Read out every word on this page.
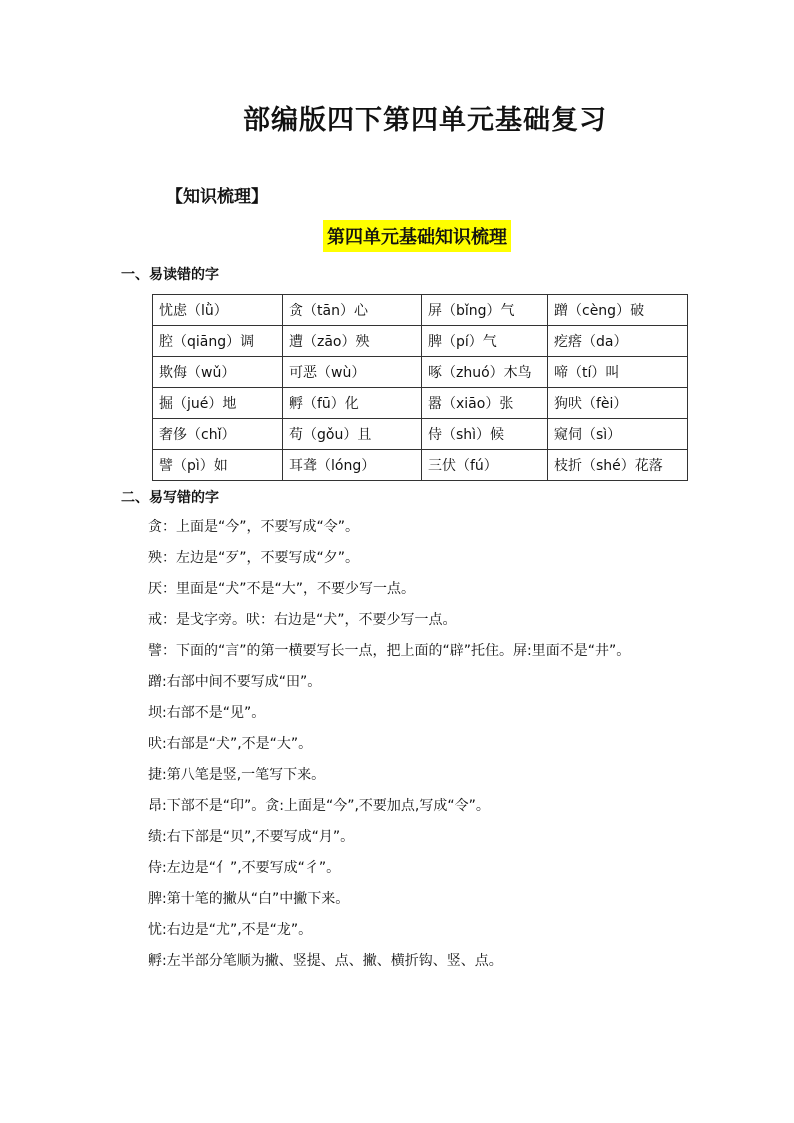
部编版四下第四单元基础复习
【知识梳理】
第四单元基础知识梳理
一、易读错的字
忧虑（lǜ）	贪（tān）心	屏（bǐng）气	蹭（cèng）破
腔（qiāng）调	遭（zāo）殃	脾（pí）气	疙瘩（da）
欺侮（wǔ）	可恶（wù）	啄（zhuó）木鸟	啼（tí）叫
掘（jué）地	孵（fū）化	嚣（xiāo）张	狗吠（fèi）
奢侈（chǐ）	苟（gǒu）且	侍（shì）候	窥伺（sì）
譬（pì）如	耳聋（lóng）	三伏（fú）	枝折（shé）花落
二、易写错的字

贪：上面是“今”，不要写成“令”。

殃：左边是“歹”，不要写成“夕”。

厌：里面是“犬”不是“大”，不要少写一点。

戒：是戈字旁。吠：右边是“犬”，不要少写一点。

譬：下面的“言”的第一横要写长一点，把上面的“辟”托住。屏:里面不是“井”。

蹭:右部中间不要写成“田”。

坝:右部不是“见”。

吠:右部是“犬”,不是“大”。

捷:第八笔是竖,一笔写下来。

昂:下部不是“印”。贪:上面是“今”,不要加点,写成“令”。

绩:右下部是“贝”,不要写成“月”。

侍:左边是“亻”,不要写成“彳”。

脾:第十笔的撇从“白”中撇下来。

忧:右边是“尤”,不是“龙”。

孵:左半部分笔顺为撇、竖提、点、撇、横折钩、竖、点。
